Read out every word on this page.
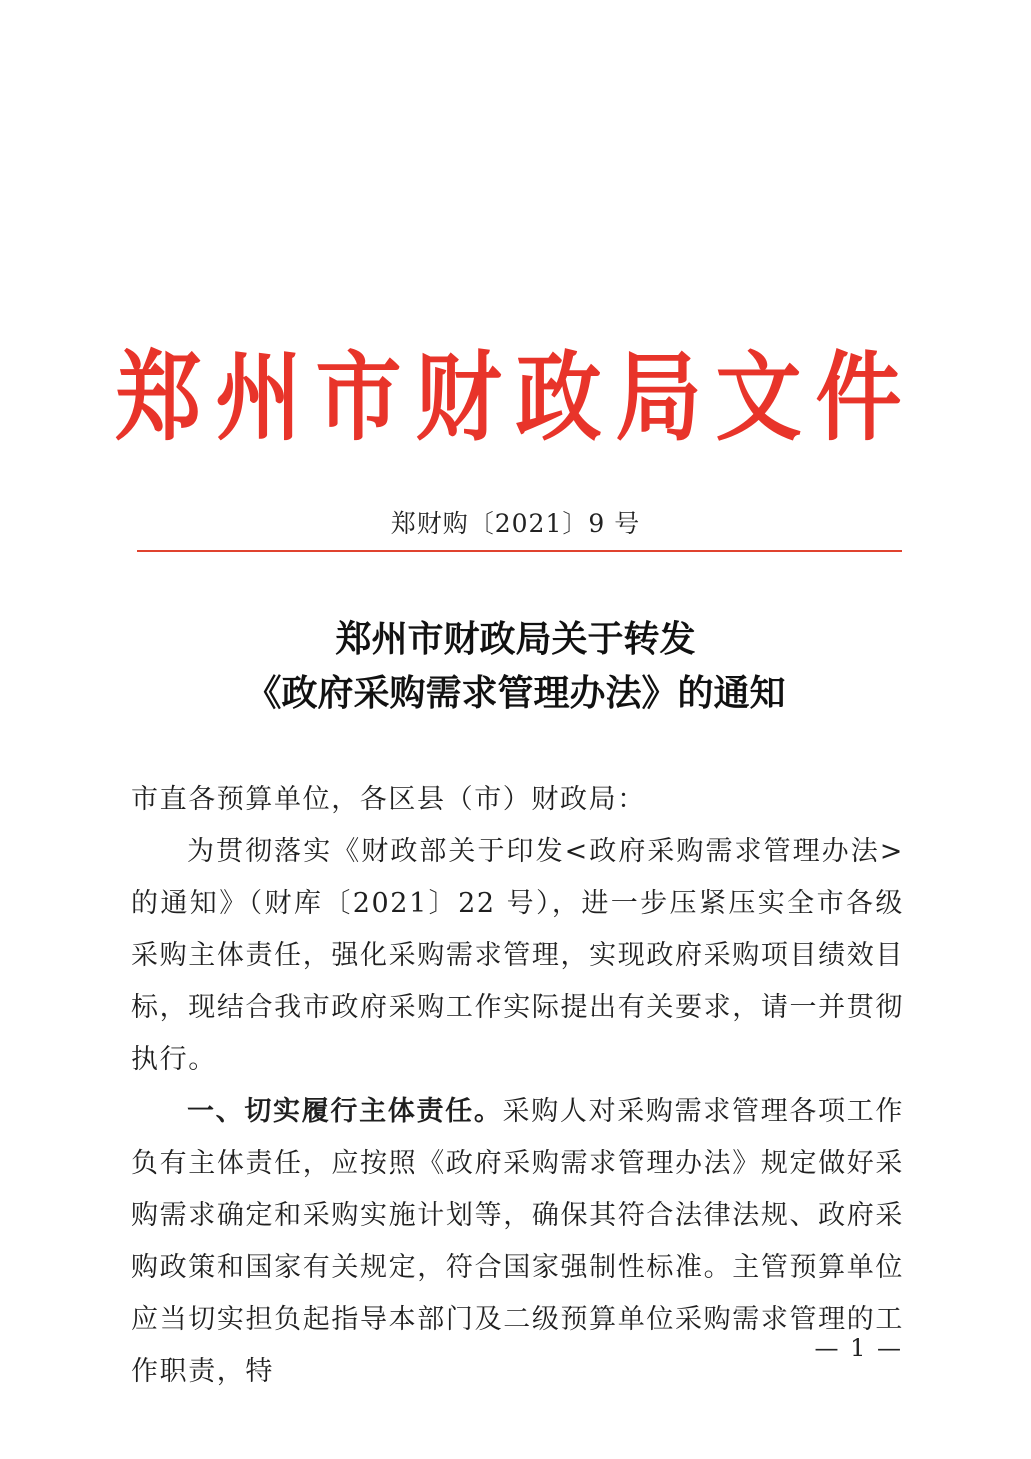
郑州市财政局文件
郑财购〔2021〕9 号
郑州市财政局关于转发
《政府采购需求管理办法》的通知

市直各预算单位，各区县（市）财政局：

为贯彻落实《财政部关于印发<政府采购需求管理办法>的通知》（财库〔2021〕22 号），进一步压紧压实全市各级采购主体责任，强化采购需求管理，实现政府采购项目绩效目标，现结合我市政府采购工作实际提出有关要求，请一并贯彻执行。

一、切实履行主体责任。采购人对采购需求管理各项工作负有主体责任，应按照《政府采购需求管理办法》规定做好采购需求确定和采购实施计划等，确保其符合法律法规、政府采购政策和国家有关规定，符合国家强制性标准。主管预算单位应当切实担负起指导本部门及二级预算单位采购需求管理的工作职责，特

— 1 —
